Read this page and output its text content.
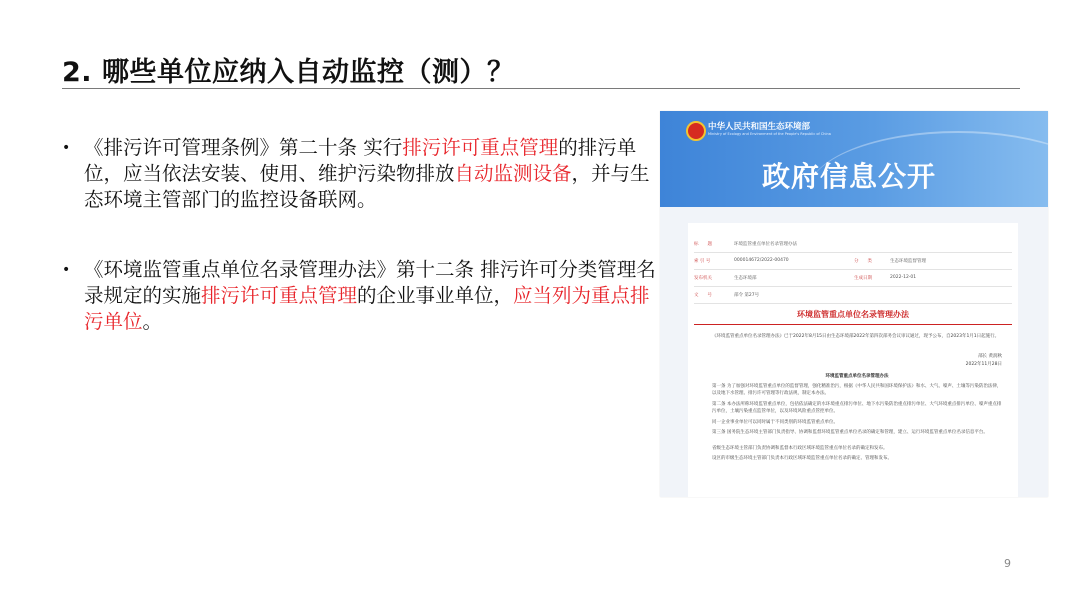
2. 哪些单位应纳入自动监控（测）？
• 《排污许可管理条例》第二十条 实行排污许可重点管理的排污单位，应当依法安装、使用、维护污染物排放自动监测设备，并与生态环境主管部门的监控设备联网。
• 《环境监管重点单位名录管理办法》第十二条 排污许可分类管理名录规定的实施排污许可重点管理的企业事业单位，应当列为重点排污单位。
中华人民共和国生态环境部
Ministry of Ecology and Environment of the People's Republic of China
政府信息公开
标　　题	环境监管重点单位名录管理办法
索 引 号	000014672/2022-00470	分　　类	生态环境监督管理
发布机关	生态环境部	生成日期	2022-12-01
文　　号	部令 第27号
环境监管重点单位名录管理办法
《环境监管重点单位名录管理办法》已于2022年8月15日由生态环境部2022年第四次部务会议审议通过，现予公布，自2023年1月1日起施行。
部长 黄润秋
2022年11月28日
环境监管重点单位名录管理办法
第一条 为了加强对环境监管重点单位的监督管理，强化精准治污，根据《中华人民共和国环境保护法》和水、大气、噪声、土壤等污染防治法律，以及地下水管理、排污许可管理等行政法规，制定本办法。
第二条 本办法所称环境监管重点单位，包括依法确定的水环境重点排污单位、地下水污染防治重点排污单位、大气环境重点排污单位、噪声重点排污单位，土壤污染重点监管单位，以及环境风险重点管控单位。
同一企业事业单位可以同时属于不同类别的环境监管重点单位。
第三条 国务院生态环境主管部门负责指导、协调和监督环境监管重点单位名录的确定和管理，建立、运行环境监管重点单位名录信息平台。
省级生态环境主管部门负责协调和监督本行政区域环境监管重点单位名录的确定和发布。
设区的市级生态环境主管部门负责本行政区域环境监管重点单位名录的确定、管理和发布。
9
